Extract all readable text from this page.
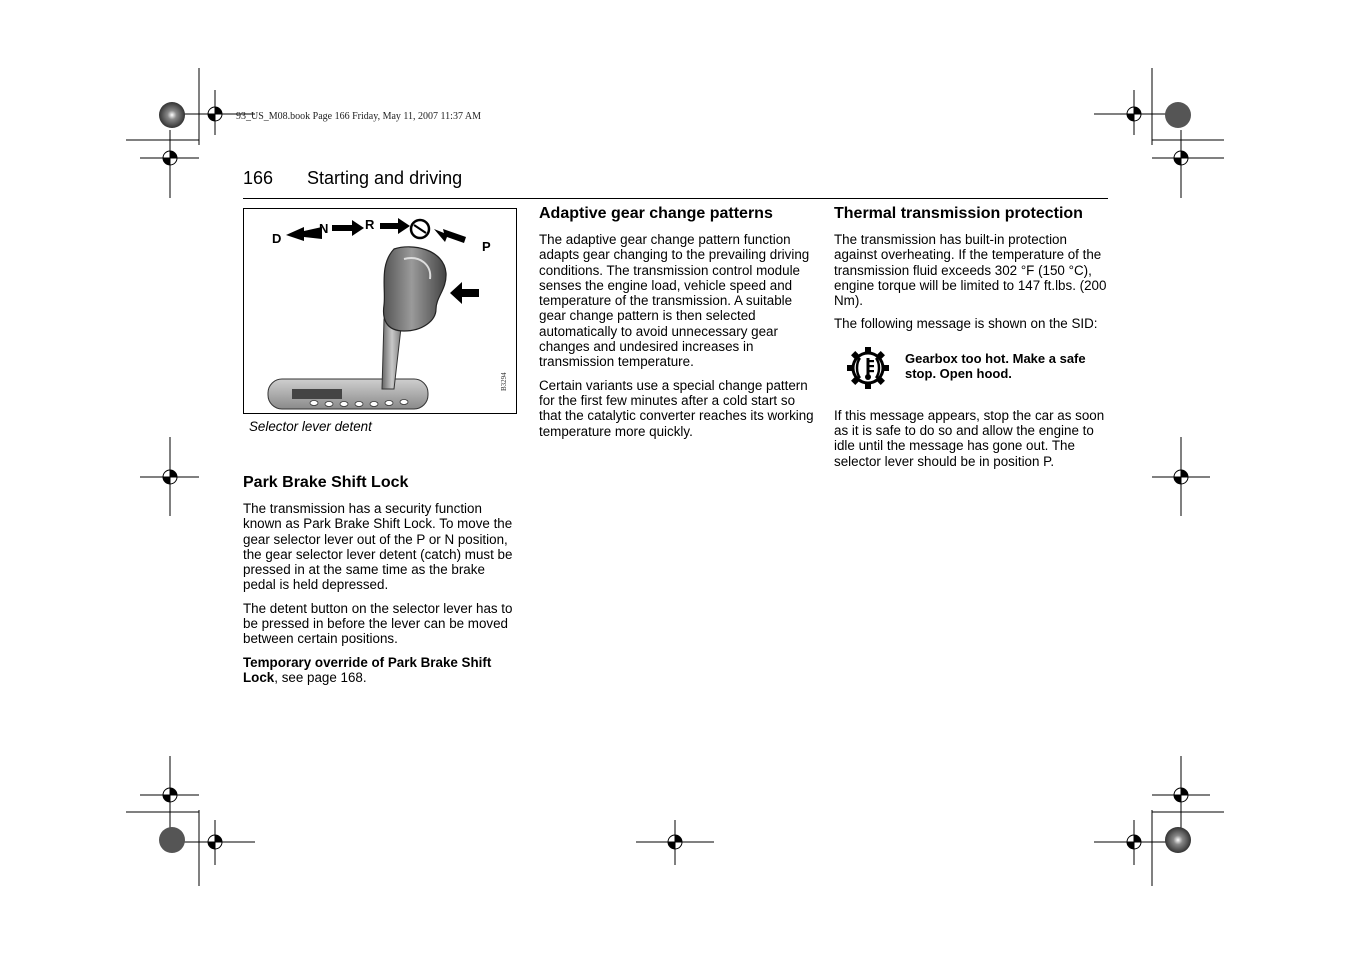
93_US_M08.book Page 166 Friday, May 11, 2007 11:37 AM
166 Starting and driving
D
N	R
P
B3294
Selector lever detent
Park Brake Shift Lock

The transmission has a security function known as Park Brake Shift Lock. To move the gear selector lever out of the P or N position, the gear selector lever detent (catch) must be pressed in at the same time as the brake pedal is held depressed.

The detent button on the selector lever has to be pressed in before the lever can be moved between certain positions.

Temporary override of Park Brake Shift Lock, see page 168.

Adaptive gear change patterns

The adaptive gear change pattern function adapts gear changing to the prevailing driving conditions. The transmission control module senses the engine load, vehicle speed and temperature of the transmission. A suitable gear change pattern is then selected automatically to avoid unnecessary gear changes and undesired increases in transmission temperature.

Certain variants use a special change pattern for the first few minutes after a cold start so that the catalytic converter reaches its working temperature more quickly.

Thermal transmission protection

The transmission has built-in protection against overheating. If the temperature of the transmission fluid exceeds 302 °F (150 °C), engine torque will be limited to 147 ft.lbs. (200 Nm).

The following message is shown on the SID:

Gearbox too hot. Make a safe stop. Open hood.

If this message appears, stop the car as soon as it is safe to do so and allow the engine to idle until the message has gone out. The selector lever should be in position P.
